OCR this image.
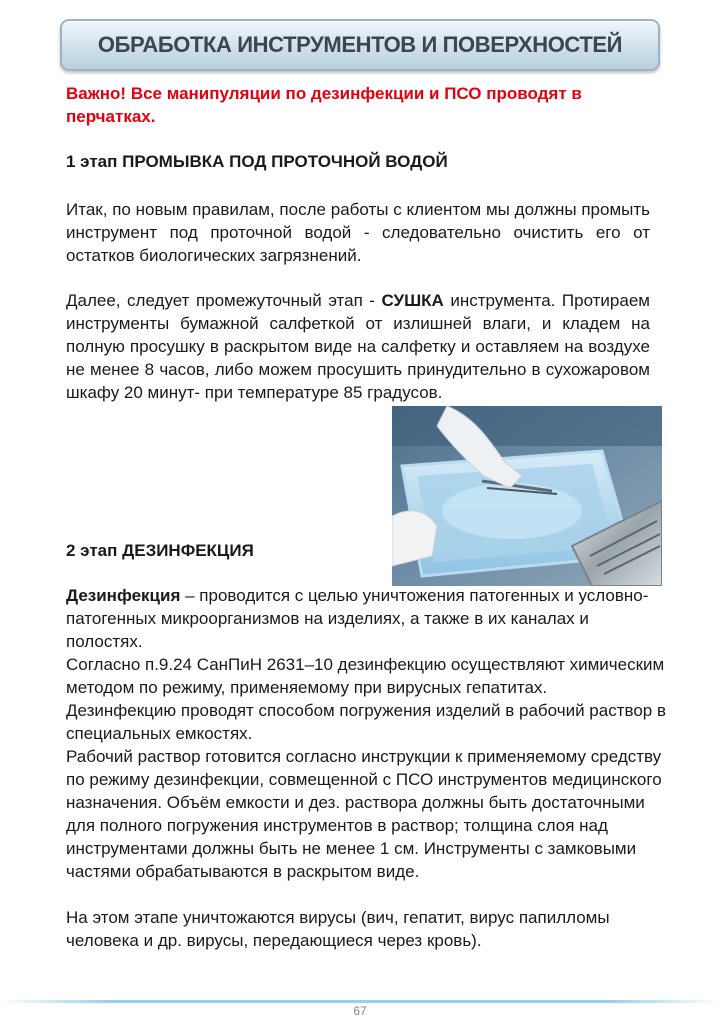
ОБРАБОТКА ИНСТРУМЕНТОВ И ПОВЕРХНОСТЕЙ
Важно! Все манипуляции по дезинфекции и ПСО проводят в перчатках.
1 этап ПРОМЫВКА ПОД ПРОТОЧНОЙ ВОДОЙ
Итак, по новым правилам, после работы с клиентом мы должны промыть инструмент под проточной водой - следовательно очистить его от остатков биологических загрязнений.
Далее, следует промежуточный этап - СУШКА инструмента. Протираем инструменты бумажной салфеткой от излишней влаги, и кладем на полную просушку в раскрытом виде на салфетку и оставляем на воздухе не менее 8 часов, либо можем просушить принудительно в сухожаровом шкафу 20 минут- при температуре 85 градусов.
2 этап ДЕЗИНФЕКЦИЯ

Дезинфекция – проводится с целью уничтожения патогенных и условно-патогенных микроорганизмов на изделиях, а также в их каналах и полостях.

Согласно п.9.24 СанПиН 2631–10 дезинфекцию осуществляют химическим методом по режиму, применяемому при вирусных гепатитах.

Дезинфекцию проводят способом погружения изделий в рабочий раствор в специальных емкостях.

Рабочий раствор готовится согласно инструкции к применяемому средству по режиму дезинфекции, совмещенной с ПСО инструментов медицинского назначения. Объём емкости и дез. раствора должны быть достаточными для полного погружения инструментов в раствор; толщина слоя над инструментами должны быть не менее 1 см. Инструменты с замковыми частями обрабатываются в раскрытом виде.

На этом этапе уничтожаются вирусы (вич, гепатит, вирус папилломы человека и др. вирусы, передающиеся через кровь).

67
